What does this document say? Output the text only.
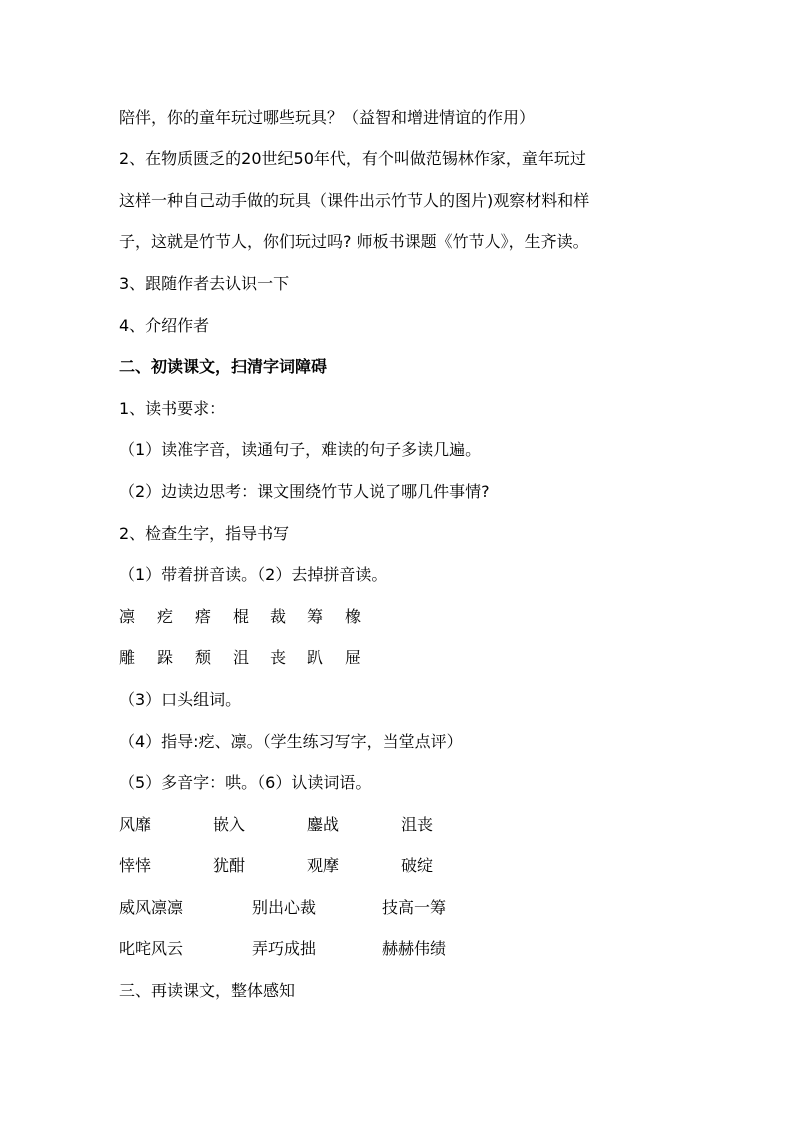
陪伴，你的童年玩过哪些玩具？（益智和增进情谊的作用）
2、在物质匮乏的20世纪50年代，有个叫做范锡林作家，童年玩过
这样一种自己动手做的玩具（课件出示竹节人的图片)观察材料和样
子，这就是竹节人，你们玩过吗? 师板书课题《竹节人》，生齐读。
3、跟随作者去认识一下
4、介绍作者
二、初读课文，扫清字词障碍
1、读书要求：
（1）读准字音，读通句子，难读的句子多读几遍。
（2）边读边思考：课文围绕竹节人说了哪几件事情?
2、检查生字，指导书写
（1）带着拼音读。（2）去掉拼音读。
凛 疙 瘩 棍 裁 筹 橡
雕 跺 颓 沮 丧 趴 屉
（3）口头组词。
（4）指导:疙、凛。（学生练习写字，当堂点评）
（5）多音字：哄。（6）认读词语。
风靡	嵌入	鏖战	沮丧
悻悻	犹酣	观摩	破绽
威风凛凛	别出心裁	技高一筹
叱咤风云	弄巧成拙	赫赫伟绩
三、再读课文，整体感知
